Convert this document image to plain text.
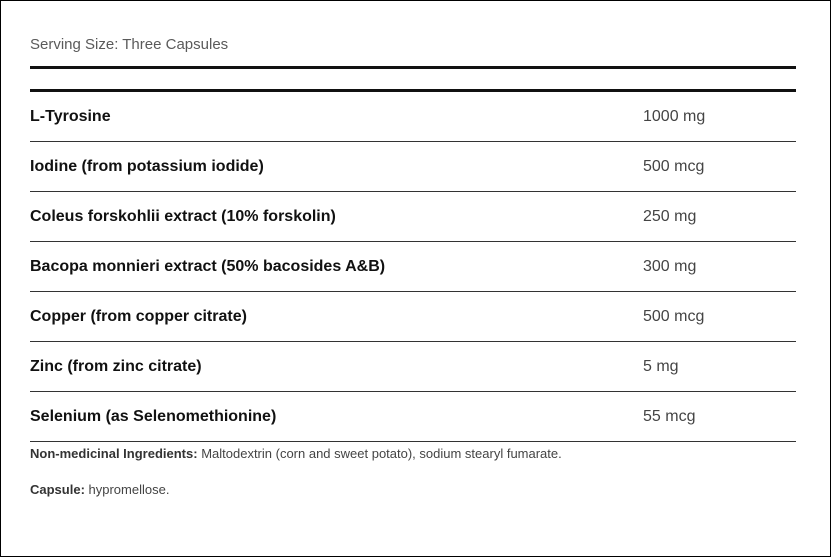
Serving Size: Three Capsules
L-Tyrosine	1000 mg
Iodine (from potassium iodide)	500 mcg
Coleus forskohlii extract (10% forskolin)	250 mg
Bacopa monnieri extract (50% bacosides A&B)	300 mg
Copper (from copper citrate)	500 mcg
Zinc (from zinc citrate)	5 mg
Selenium (as Selenomethionine)	55 mcg
Non-medicinal Ingredients: Maltodextrin (corn and sweet potato), sodium stearyl fumarate.
Capsule: hypromellose.
